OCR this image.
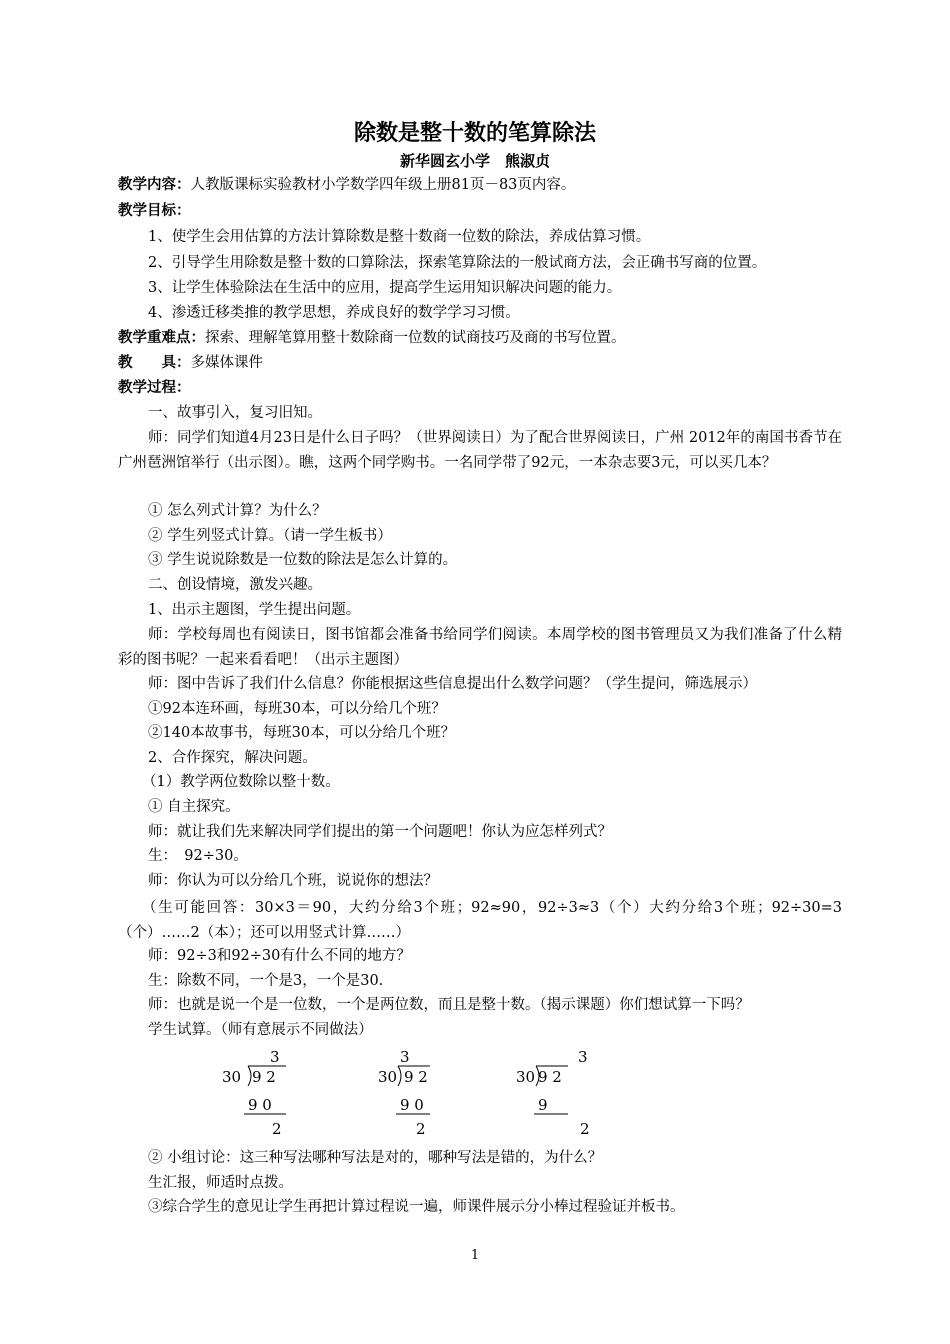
除数是整十数的笔算除法
新华圆玄小学　熊淑贞
教学内容：人教版课标实验教材小学数学四年级上册81页－83页内容。
教学目标：
1、使学生会用估算的方法计算除数是整十数商一位数的除法，养成估算习惯。
2、引导学生用除数是整十数的口算除法，探索笔算除法的一般试商方法，会正确书写商的位置。
3、让学生体验除法在生活中的应用，提高学生运用知识解决问题的能力。
4、渗透迁移类推的教学思想，养成良好的数学学习习惯。
教学重难点：探索、理解笔算用整十数除商一位数的试商技巧及商的书写位置。
教　　具：多媒体课件
教学过程：
一、故事引入，复习旧知。
师：同学们知道4月23日是什么日子吗？（世界阅读日）为了配合世界阅读日，广州 2012年的南国书香节在广州琶洲馆举行（出示图）。瞧，这两个同学购书。一名同学带了92元，一本杂志要3元，可以买几本？
① 怎么列式计算？为什么？
② 学生列竖式计算。（请一学生板书）
③ 学生说说除数是一位数的除法是怎么计算的。
二、创设情境，激发兴趣。
1、出示主题图，学生提出问题。
师：学校每周也有阅读日，图书馆都会准备书给同学们阅读。本周学校的图书管理员又为我们准备了什么精彩的图书呢？一起来看看吧！（出示主题图）
师：图中告诉了我们什么信息？你能根据这些信息提出什么数学问题？（学生提问，筛选展示）
①92本连环画，每班30本，可以分给几个班？
②140本故事书，每班30本，可以分给几个班？
2、合作探究，解决问题。
（1）教学两位数除以整十数。
① 自主探究。
师：就让我们先来解决同学们提出的第一个问题吧！你认为应怎样列式？
生：　92÷30。
师：你认为可以分给几个班，说说你的想法？
（生可能回答：30×3＝90，大约分给3个班；92≈90，92÷3≈3（个）大约分给3个班；92÷30=3（个）……2（本）；还可以用竖式计算……）
师：92÷3和92÷30有什么不同的地方？
生：除数不同，一个是3，一个是30.
师：也就是说一个是一位数，一个是两位数，而且是整十数。（揭示课题）你们想试算一下吗？
学生试算。（师有意展示不同做法）
3
30 9 2
9 0
2
3
30 9 2
9 0
2
3
30 9 2
9
2
② 小组讨论：这三种写法哪种写法是对的，哪种写法是错的，为什么？
生汇报，师适时点拨。
③综合学生的意见让学生再把计算过程说一遍，师课件展示分小棒过程验证并板书。
1
